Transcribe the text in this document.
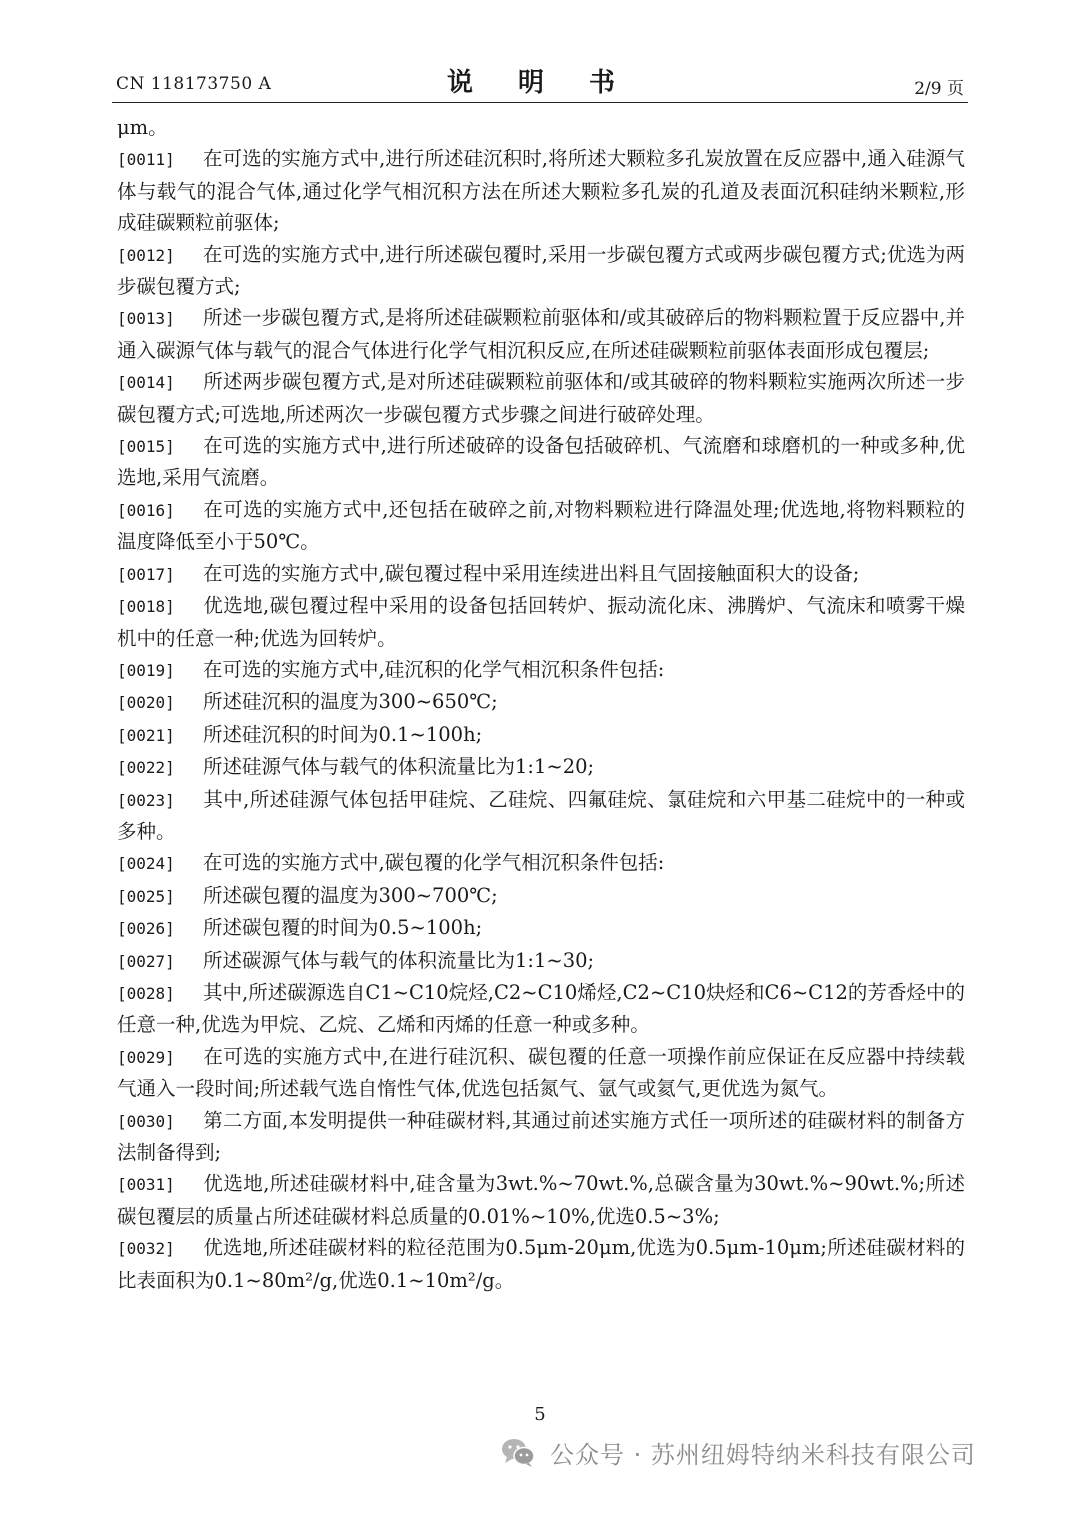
CN 118173750 A	说 明 书	2/9 页

μm。

[0011] 在可选的实施方式中,进行所述硅沉积时,将所述大颗粒多孔炭放置在反应器中,通入硅源气体与载气的混合气体,通过化学气相沉积方法在所述大颗粒多孔炭的孔道及表面沉积硅纳米颗粒,形成硅碳颗粒前驱体;

[0012] 在可选的实施方式中,进行所述碳包覆时,采用一步碳包覆方式或两步碳包覆方式;优选为两步碳包覆方式;

[0013] 所述一步碳包覆方式,是将所述硅碳颗粒前驱体和/或其破碎后的物料颗粒置于反应器中,并通入碳源气体与载气的混合气体进行化学气相沉积反应,在所述硅碳颗粒前驱体表面形成包覆层;

[0014] 所述两步碳包覆方式,是对所述硅碳颗粒前驱体和/或其破碎的物料颗粒实施两次所述一步碳包覆方式;可选地,所述两次一步碳包覆方式步骤之间进行破碎处理。

[0015] 在可选的实施方式中,进行所述破碎的设备包括破碎机、气流磨和球磨机的一种或多种,优选地,采用气流磨。

[0016] 在可选的实施方式中,还包括在破碎之前,对物料颗粒进行降温处理;优选地,将物料颗粒的温度降低至小于50℃。

[0017] 在可选的实施方式中,碳包覆过程中采用连续进出料且气固接触面积大的设备;

[0018] 优选地,碳包覆过程中采用的设备包括回转炉、振动流化床、沸腾炉、气流床和喷雾干燥机中的任意一种;优选为回转炉。

[0019] 在可选的实施方式中,硅沉积的化学气相沉积条件包括:

[0020] 所述硅沉积的温度为300~650℃;

[0021] 所述硅沉积的时间为0.1~100h;

[0022] 所述硅源气体与载气的体积流量比为1:1~20;

[0023] 其中,所述硅源气体包括甲硅烷、乙硅烷、四氟硅烷、氯硅烷和六甲基二硅烷中的一种或多种。

[0024] 在可选的实施方式中,碳包覆的化学气相沉积条件包括:

[0025] 所述碳包覆的温度为300~700℃;

[0026] 所述碳包覆的时间为0.5~100h;

[0027] 所述碳源气体与载气的体积流量比为1:1~30;

[0028] 其中,所述碳源选自C1~C10烷烃,C2~C10烯烃,C2~C10炔烃和C6~C12的芳香烃中的任意一种,优选为甲烷、乙烷、乙烯和丙烯的任意一种或多种。

[0029] 在可选的实施方式中,在进行硅沉积、碳包覆的任意一项操作前应保证在反应器中持续载气通入一段时间;所述载气选自惰性气体,优选包括氮气、氩气或氦气,更优选为氮气。

[0030] 第二方面,本发明提供一种硅碳材料,其通过前述实施方式任一项所述的硅碳材料的制备方法制备得到;

[0031] 优选地,所述硅碳材料中,硅含量为3wt.%~70wt.%,总碳含量为30wt.%~90wt.%;所述碳包覆层的质量占所述硅碳材料总质量的0.01%~10%,优选0.5~3%;

[0032] 优选地,所述硅碳材料的粒径范围为0.5μm-20μm,优选为0.5μm-10μm;所述硅碳材料的比表面积为0.1~80m²/g,优选0.1~10m²/g。

5
公众号 · 苏州纽姆特纳米科技有限公司
